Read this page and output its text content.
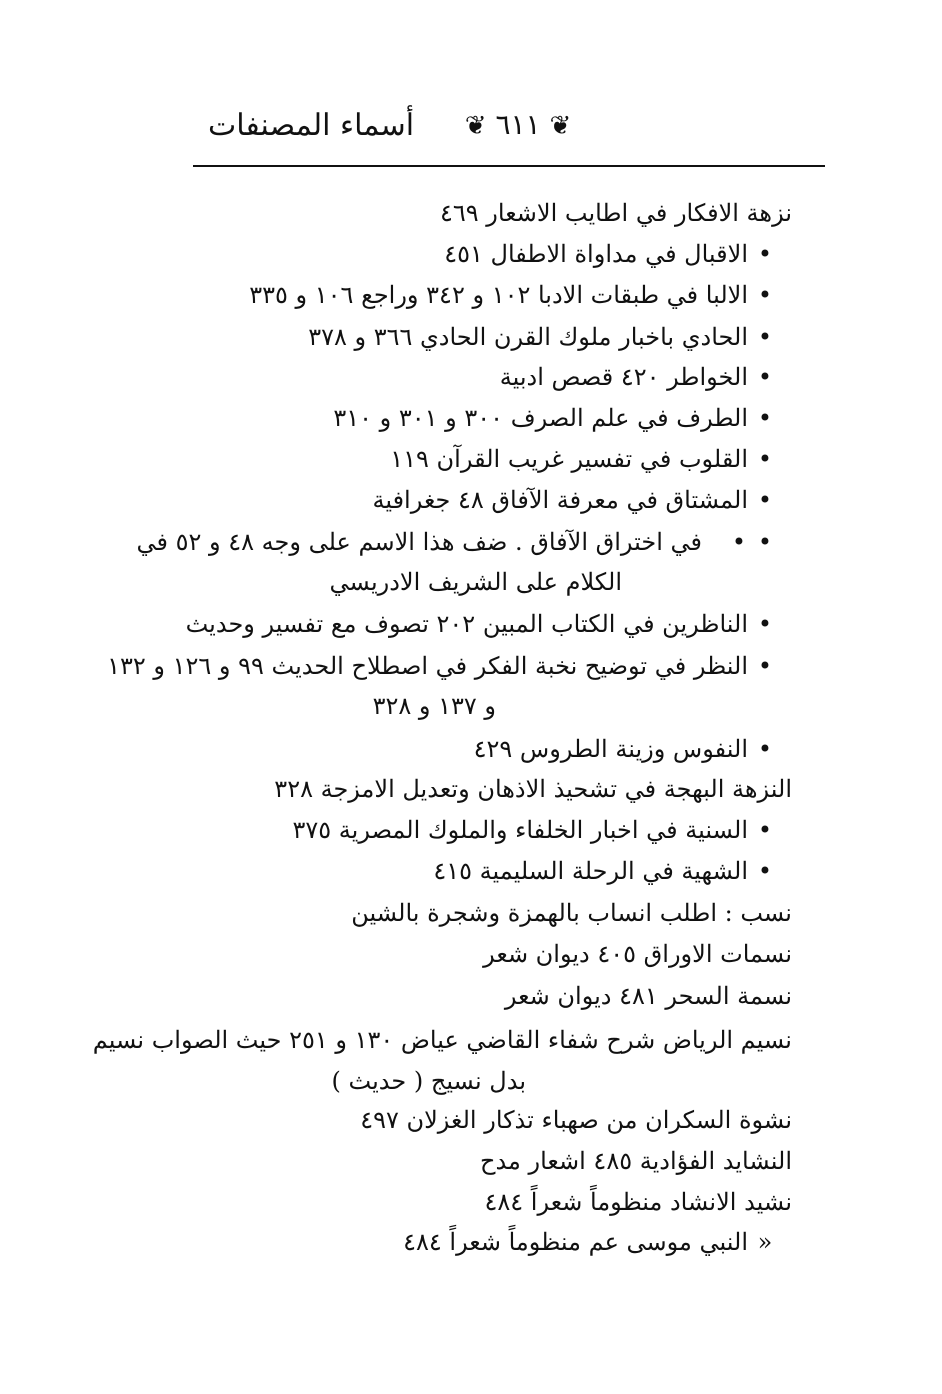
أسماء المصنفات	❦ ٦١١ ❦
نزهة الافكار في اطايب الاشعار ٤٦٩
•الاقبال في مداواة الاطفال ٤٥١
•الالبا في طبقات الادبا ١٠٢ و ٣٤٢ وراجع ١٠٦ و ٣٣٥
•الحادي باخبار ملوك القرن الحادي ٣٦٦ و ٣٧٨
•الخواطر ٤٢٠ قصص ادبية
•الطرف في علم الصرف ٣٠٠ و ٣٠١ و ٣١٠
•القلوب في تفسير غريب القرآن ١١٩
•المشتاق في معرفة الآفاق ٤٨ جغرافية
••في اختراق الآفاق . ضف هذا الاسم على وجه ٤٨ و ٥٢ في
الكلام على الشريف الادريسي
•الناظرين في الكتاب المبين ٢٠٢ تصوف مع تفسير وحديث
•النظر في توضيح نخبة الفكر في اصطلاح الحديث ٩٩ و ١٢٦ و ١٣٢
و ١٣٧ و ٣٢٨
•النفوس وزينة الطروس ٤٢٩
النزهة البهجة في تشحيذ الاذهان وتعديل الامزجة ٣٢٨
•السنية في اخبار الخلفاء والملوك المصرية ٣٧٥
•الشهية في الرحلة السليمية ٤١٥
نسب : اطلب انساب بالهمزة وشجرة بالشين
نسمات الاوراق ٤٠٥ ديوان شعر
نسمة السحر ٤٨١ ديوان شعر
نسيم الرياض شرح شفاء القاضي عياض ١٣٠ و ٢٥١ حيث الصواب نسيم
بدل نسيج ( حديث )
نشوة السكران من صهباء تذكار الغزلان ٤٩٧
النشايد الفؤادية ٤٨٥ اشعار مدح
نشيد الانشاد منظوماً شعراً ٤٨٤
«النبي موسى عم منظوماً شعراً ٤٨٤
